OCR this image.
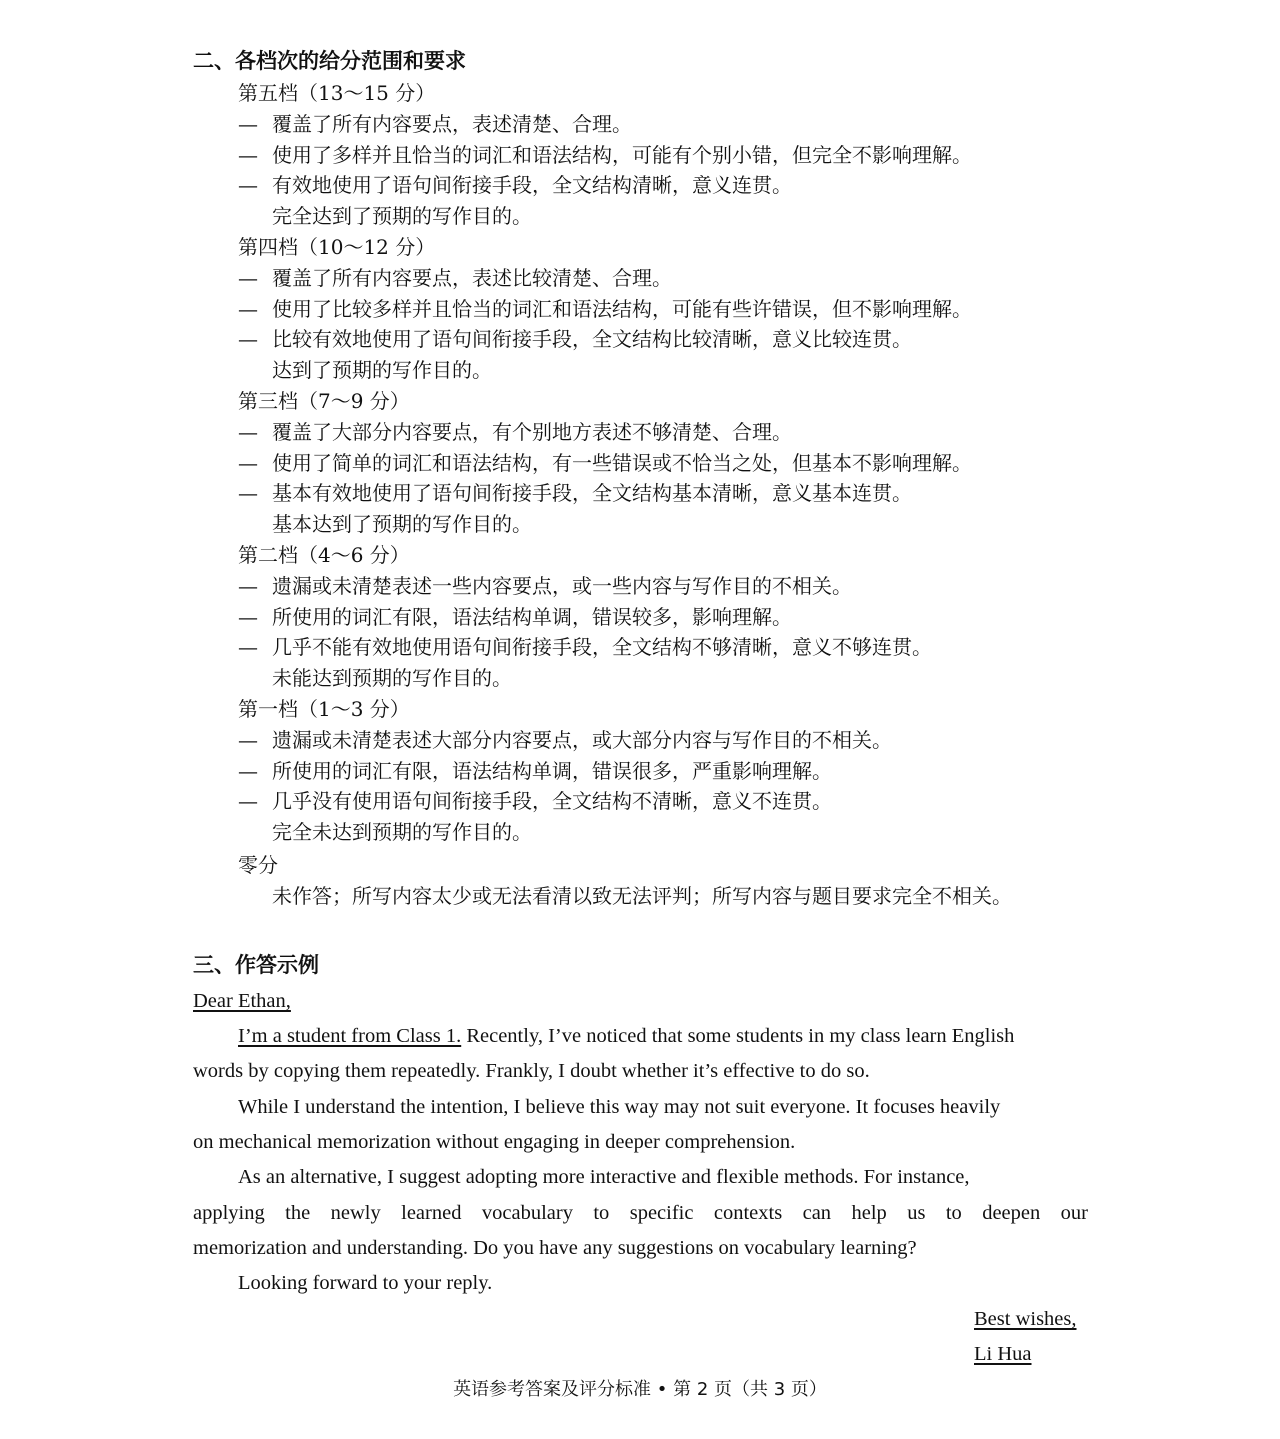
二、各档次的给分范围和要求
第五档（13～15 分）
— 覆盖了所有内容要点，表述清楚、合理。
— 使用了多样并且恰当的词汇和语法结构，可能有个别小错，但完全不影响理解。
— 有效地使用了语句间衔接手段，全文结构清晰，意义连贯。
完全达到了预期的写作目的。
第四档（10～12 分）
— 覆盖了所有内容要点，表述比较清楚、合理。
— 使用了比较多样并且恰当的词汇和语法结构，可能有些许错误，但不影响理解。
— 比较有效地使用了语句间衔接手段，全文结构比较清晰，意义比较连贯。
达到了预期的写作目的。
第三档（7～9 分）
— 覆盖了大部分内容要点，有个别地方表述不够清楚、合理。
— 使用了简单的词汇和语法结构，有一些错误或不恰当之处，但基本不影响理解。
— 基本有效地使用了语句间衔接手段，全文结构基本清晰，意义基本连贯。
基本达到了预期的写作目的。
第二档（4～6 分）
— 遗漏或未清楚表述一些内容要点，或一些内容与写作目的不相关。
— 所使用的词汇有限，语法结构单调，错误较多，影响理解。
— 几乎不能有效地使用语句间衔接手段，全文结构不够清晰，意义不够连贯。
未能达到预期的写作目的。
第一档（1～3 分）
— 遗漏或未清楚表述大部分内容要点，或大部分内容与写作目的不相关。
— 所使用的词汇有限，语法结构单调，错误很多，严重影响理解。
— 几乎没有使用语句间衔接手段，全文结构不清晰，意义不连贯。
完全未达到预期的写作目的。
零分
未作答；所写内容太少或无法看清以致无法评判；所写内容与题目要求完全不相关。
三、作答示例
Dear Ethan,
I’m a student from Class 1. Recently, I’ve noticed that some students in my class learn English
words by copying them repeatedly. Frankly, I doubt whether it’s effective to do so.
While I understand the intention, I believe this way may not suit everyone. It focuses heavily
on mechanical memorization without engaging in deeper comprehension.
As an alternative, I suggest adopting more interactive and flexible methods. For instance,
applying the newly learned vocabulary to specific contexts can help us to deepen our
memorization and understanding. Do you have any suggestions on vocabulary learning?
Looking forward to your reply.
Best wishes,
Li Hua
英语参考答案及评分标准 • 第 2 页（共 3 页）
